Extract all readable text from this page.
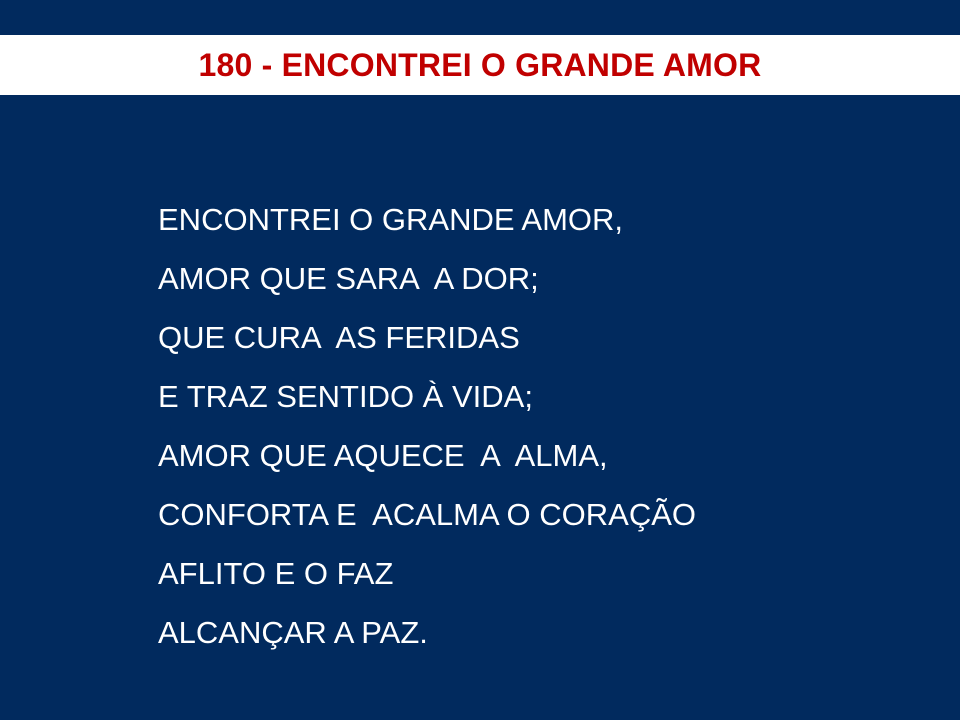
180 - ENCONTREI O GRANDE AMOR
ENCONTREI O GRANDE AMOR,
AMOR QUE SARA  A DOR;
QUE CURA  AS FERIDAS
E TRAZ SENTIDO À VIDA;
AMOR QUE AQUECE  A  ALMA,
CONFORTA E  ACALMA O CORAÇÃO
AFLITO E O FAZ
ALCANÇAR A PAZ.
